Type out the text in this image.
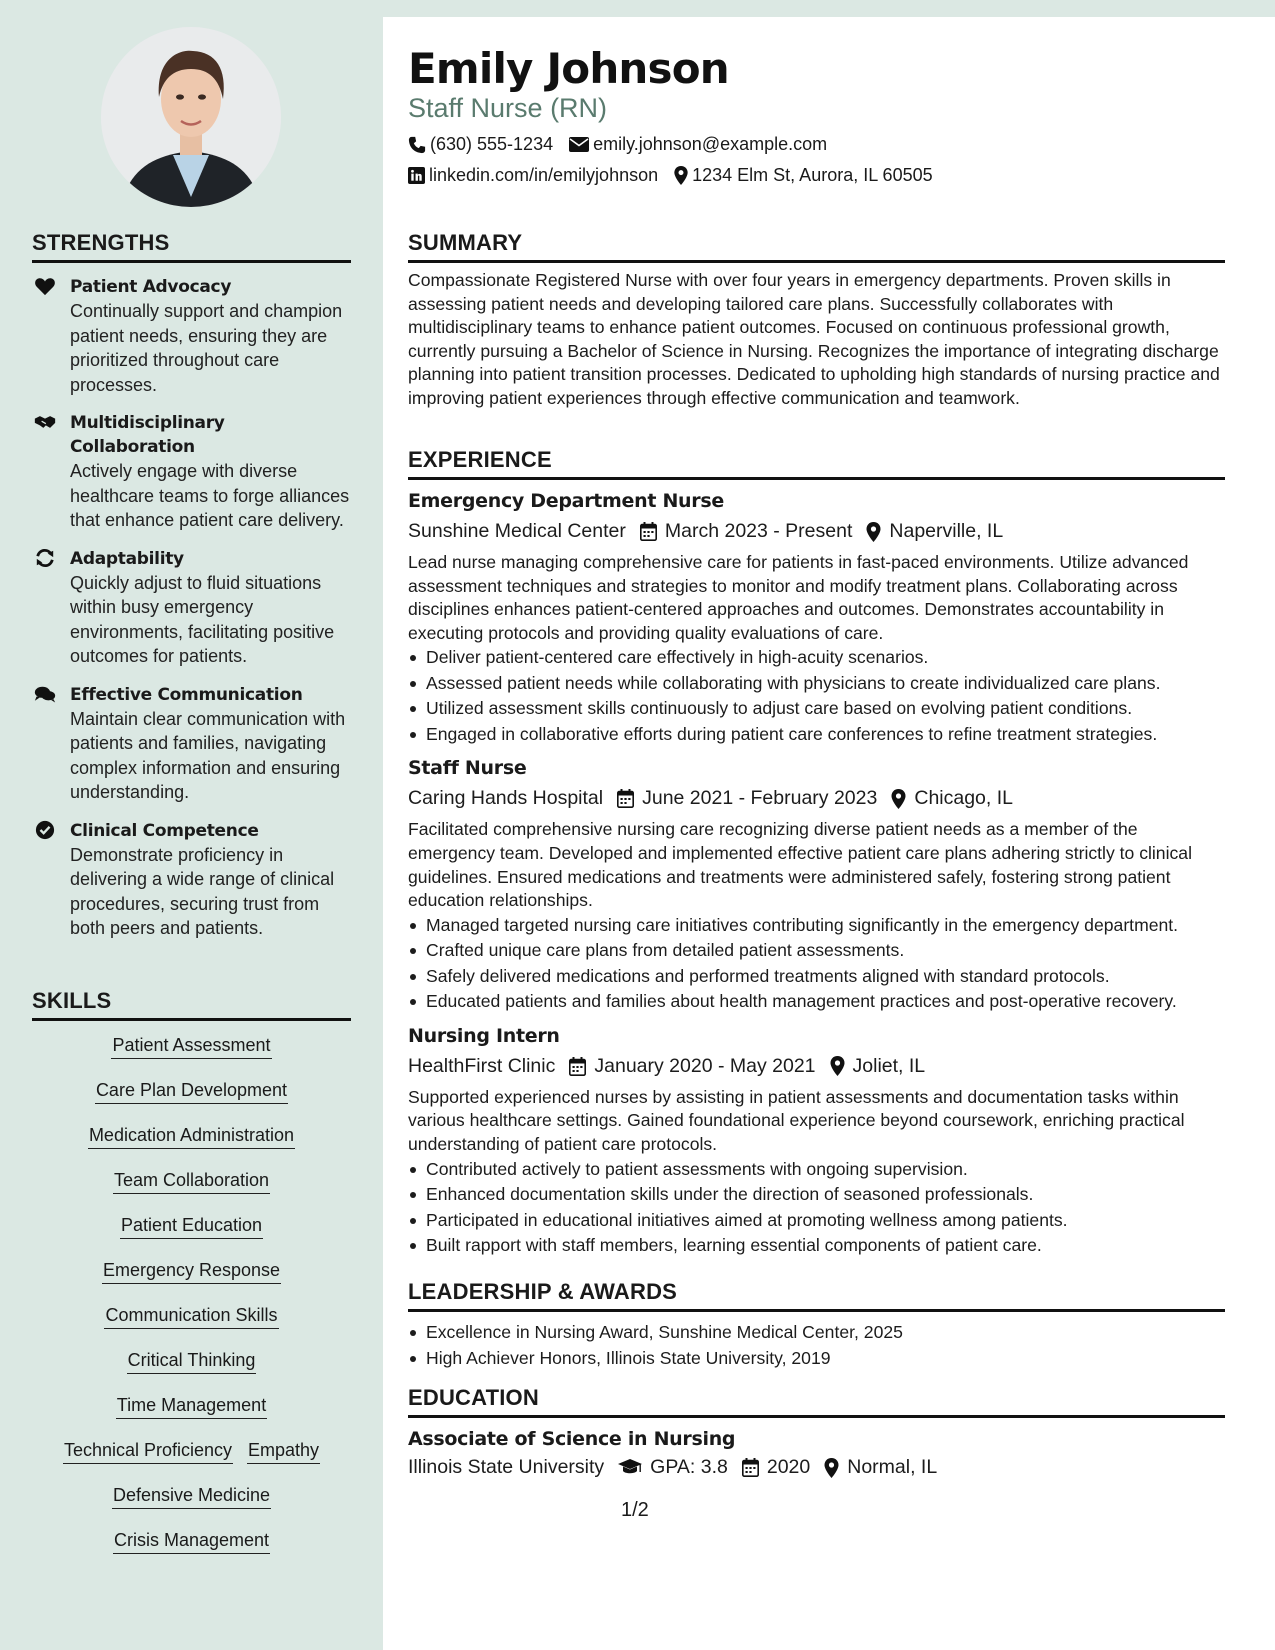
STRENGTHS
Patient Advocacy
Continually support and champion patient needs, ensuring they are prioritized throughout care processes.
Multidisciplinary Collaboration
Actively engage with diverse healthcare teams to forge alliances that enhance patient care delivery.
Adaptability
Quickly adjust to fluid situations within busy emergency environments, facilitating positive outcomes for patients.
Effective Communication
Maintain clear communication with patients and families, navigating complex information and ensuring understanding.
Clinical Competence
Demonstrate proficiency in delivering a wide range of clinical procedures, securing trust from both peers and patients.
SKILLS
Patient Assessment
Care Plan Development
Medication Administration
Team Collaboration
Patient Education
Emergency Response
Communication Skills
Critical Thinking
Time Management
Technical Proficiency Empathy
Defensive Medicine
Crisis Management
Emily Johnson
Staff Nurse (RN)
(630) 555-1234 emily.johnson@example.com
linkedin.com/in/emilyjohnson 1234 Elm St, Aurora, IL 60505
SUMMARY
Compassionate Registered Nurse with over four years in emergency departments. Proven skills in assessing patient needs and developing tailored care plans. Successfully collaborates with multidisciplinary teams to enhance patient outcomes. Focused on continuous professional growth, currently pursuing a Bachelor of Science in Nursing. Recognizes the importance of integrating discharge planning into patient transition processes. Dedicated to upholding high standards of nursing practice and improving patient experiences through effective communication and teamwork.
EXPERIENCE
Emergency Department Nurse
Sunshine Medical Center March 2023 - Present Naperville, IL
Lead nurse managing comprehensive care for patients in fast-paced environments. Utilize advanced assessment techniques and strategies to monitor and modify treatment plans. Collaborating across disciplines enhances patient-centered approaches and outcomes. Demonstrates accountability in executing protocols and providing quality evaluations of care.
Deliver patient-centered care effectively in high-acuity scenarios.
Assessed patient needs while collaborating with physicians to create individualized care plans.
Utilized assessment skills continuously to adjust care based on evolving patient conditions.
Engaged in collaborative efforts during patient care conferences to refine treatment strategies.
Staff Nurse
Caring Hands Hospital June 2021 - February 2023 Chicago, IL
Facilitated comprehensive nursing care recognizing diverse patient needs as a member of the emergency team. Developed and implemented effective patient care plans adhering strictly to clinical guidelines. Ensured medications and treatments were administered safely, fostering strong patient education relationships.
Managed targeted nursing care initiatives contributing significantly in the emergency department.
Crafted unique care plans from detailed patient assessments.
Safely delivered medications and performed treatments aligned with standard protocols.
Educated patients and families about health management practices and post-operative recovery.
Nursing Intern
HealthFirst Clinic January 2020 - May 2021 Joliet, IL
Supported experienced nurses by assisting in patient assessments and documentation tasks within various healthcare settings. Gained foundational experience beyond coursework, enriching practical understanding of patient care protocols.
Contributed actively to patient assessments with ongoing supervision.
Enhanced documentation skills under the direction of seasoned professionals.
Participated in educational initiatives aimed at promoting wellness among patients.
Built rapport with staff members, learning essential components of patient care.
LEADERSHIP & AWARDS
Excellence in Nursing Award, Sunshine Medical Center, 2025
High Achiever Honors, Illinois State University, 2019
EDUCATION
Associate of Science in Nursing
Illinois State University GPA: 3.8 2020 Normal, IL
1/2
